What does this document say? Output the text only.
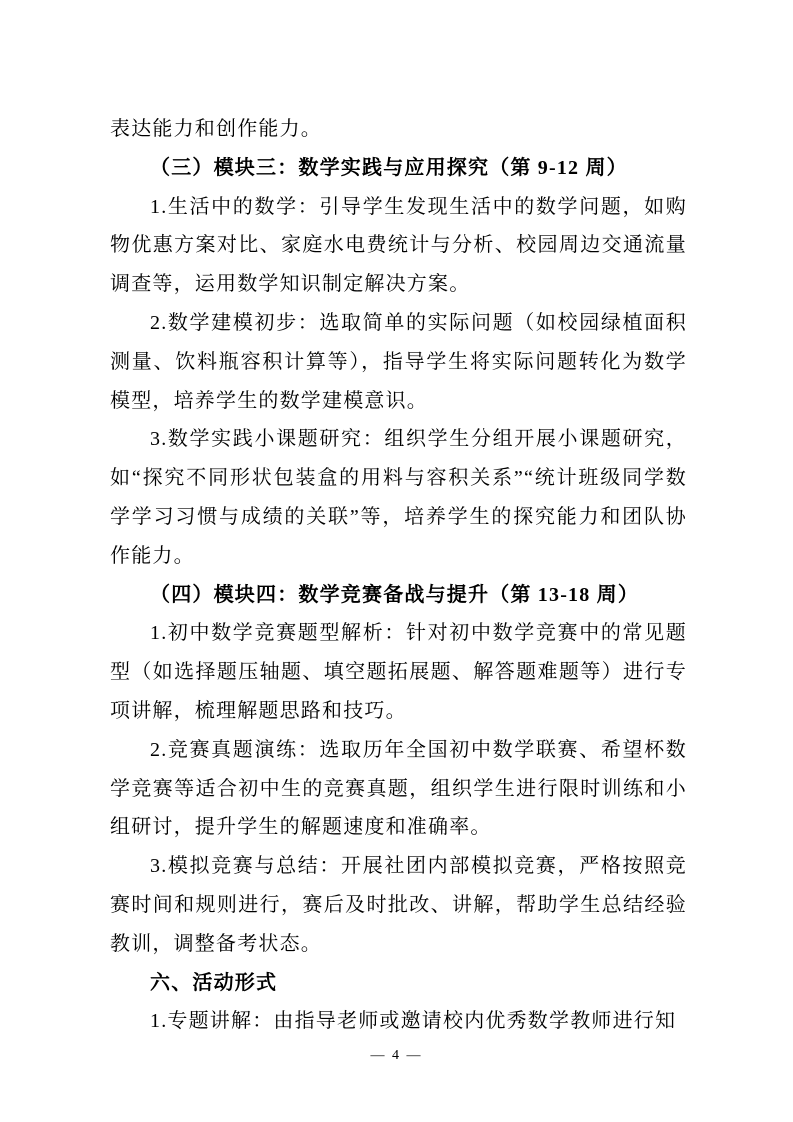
表达能力和创作能力。

（三）模块三：数学实践与应用探究（第 9-12 周）

1.生活中的数学：引导学生发现生活中的数学问题，如购物优惠方案对比、家庭水电费统计与分析、校园周边交通流量调查等，运用数学知识制定解决方案。

2.数学建模初步：选取简单的实际问题（如校园绿植面积测量、饮料瓶容积计算等），指导学生将实际问题转化为数学模型，培养学生的数学建模意识。

3.数学实践小课题研究：组织学生分组开展小课题研究，如“探究不同形状包装盒的用料与容积关系”“统计班级同学数学学习习惯与成绩的关联”等，培养学生的探究能力和团队协作能力。

（四）模块四：数学竞赛备战与提升（第 13-18 周）

1.初中数学竞赛题型解析：针对初中数学竞赛中的常见题型（如选择题压轴题、填空题拓展题、解答题难题等）进行专项讲解，梳理解题思路和技巧。

2.竞赛真题演练：选取历年全国初中数学联赛、希望杯数学竞赛等适合初中生的竞赛真题，组织学生进行限时训练和小组研讨，提升学生的解题速度和准确率。

3.模拟竞赛与总结：开展社团内部模拟竞赛，严格按照竞赛时间和规则进行，赛后及时批改、讲解，帮助学生总结经验教训，调整备考状态。

六、活动形式

1.专题讲解：由指导老师或邀请校内优秀数学教师进行知

— 4 —
